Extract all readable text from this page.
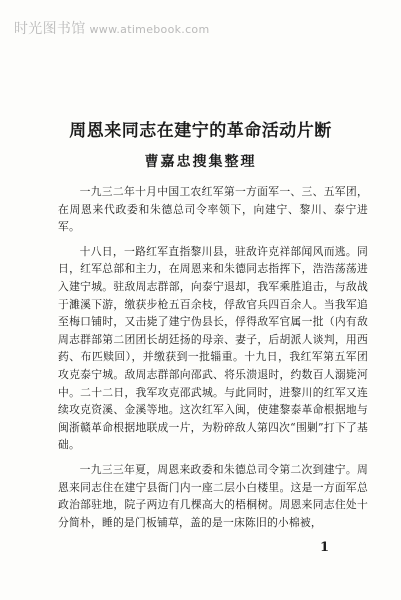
时光图书馆 www.atimebook.com
周恩来同志在建宁的革命活动片断
曹嘉忠搜集整理

一九三二年十月中国工农红军第一方面军一、三、五军团，在周恩来代政委和朱德总司令率领下，向建宁、黎川、泰宁进军。

十八日，一路红军直指黎川县，驻敌许克祥部闻风而逃。同日，红军总部和主力，在周恩来和朱德同志指挥下，浩浩荡荡进入建宁城。驻敌周志群部，向泰宁退却，我军乘胜追击，与敌战于濉溪下游，缴获步枪五百余枝，俘敌官兵四百余人。当我军追至梅口铺时，又击毙了建宁伪县长，俘得敌军官属一批（内有敌周志群部第二团团长胡廷扬的母亲、妻子，后胡派人谈判，用西药、布匹赎回），并缴获到一批辎重。十九日，我红军第五军团攻克泰宁城。敌周志群部向邵武、将乐溃退时，约数百人溺毙河中。二十二日，我军攻克邵武城。与此同时，进黎川的红军又连续攻克资溪、金溪等地。这次红军入闽，使建黎泰革命根据地与闽浙赣革命根据地联成一片，为粉碎敌人第四次“围剿”打下了基础。

一九三三年夏，周恩来政委和朱德总司令第二次到建宁。周恩来同志住在建宁县衙门内一座二层小白楼里。这是一方面军总政治部驻地，院子两边有几棵高大的梧桐树。周恩来同志住处十分简朴，睡的是门板铺草，盖的是一床陈旧的小棉被，

1
